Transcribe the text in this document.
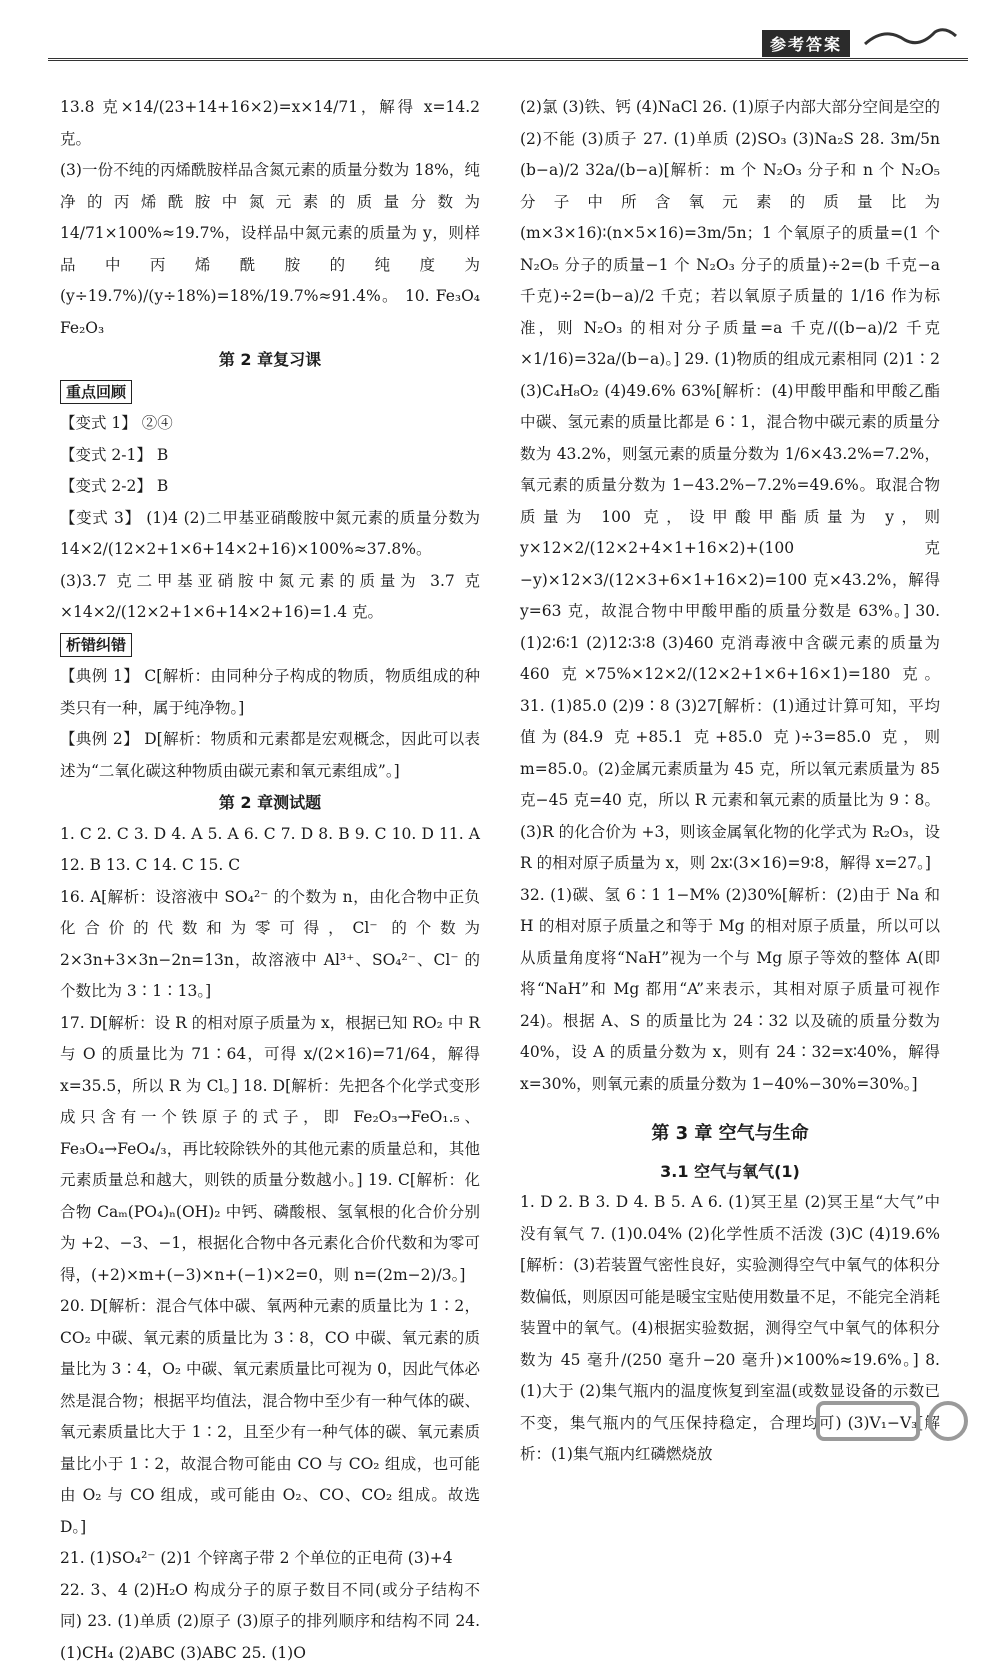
参考答案

13.8 克×14/(23+14+16×2)=x×14/71，解得 x=14.2 克。

(3)一份不纯的丙烯酰胺样品含氮元素的质量分数为 18%，纯净的丙烯酰胺中氮元素的质量分数为 14/71×100%≈19.7%，设样品中氮元素的质量为 y，则样品中丙烯酰胺的纯度为 (y÷19.7%)/(y÷18%)=18%/19.7%≈91.4%。 10. Fe₃O₄ Fe₂O₃

第 2 章复习课

重点回顾

【变式 1】 ②④

【变式 2-1】 B

【变式 2-2】 B

【变式 3】 (1)4 (2)二甲基亚硝酸胺中氮元素的质量分数为 14×2/(12×2+1×6+14×2+16)×100%≈37.8%。

(3)3.7 克二甲基亚硝胺中氮元素的质量为 3.7 克×14×2/(12×2+1×6+14×2+16)=1.4 克。

析错纠错

【典例 1】 C[解析：由同种分子构成的物质，物质组成的种类只有一种，属于纯净物。]

【典例 2】 D[解析：物质和元素都是宏观概念，因此可以表述为“二氧化碳这种物质由碳元素和氧元素组成”。]

第 2 章测试题

1. C 2. C 3. D 4. A 5. A 6. C 7. D 8. B 9. C 10. D 11. A 12. B 13. C 14. C 15. C

16. A[解析：设溶液中 SO₄²⁻ 的个数为 n，由化合物中正负化合价的代数和为零可得，Cl⁻ 的个数为 2×3n+3×3n−2n=13n，故溶液中 Al³⁺、SO₄²⁻、Cl⁻ 的个数比为 3∶1∶13。]

17. D[解析：设 R 的相对原子质量为 x，根据已知 RO₂ 中 R 与 O 的质量比为 71∶64，可得 x/(2×16)=71/64，解得 x=35.5，所以 R 为 Cl。] 18. D[解析：先把各个化学式变形成只含有一个铁原子的式子，即 Fe₂O₃→FeO₁.₅、Fe₃O₄→FeO₄/₃，再比较除铁外的其他元素的质量总和，其他元素质量总和越大，则铁的质量分数越小。] 19. C[解析：化合物 Caₘ(PO₄)ₙ(OH)₂ 中钙、磷酸根、氢氧根的化合价分别为 +2、−3、−1，根据化合物中各元素化合价代数和为零可得，(+2)×m+(−3)×n+(−1)×2=0，则 n=(2m−2)/3。]

20. D[解析：混合气体中碳、氧两种元素的质量比为 1∶2，CO₂ 中碳、氧元素的质量比为 3∶8，CO 中碳、氧元素的质量比为 3∶4，O₂ 中碳、氧元素质量比可视为 0，因此气体必然是混合物；根据平均值法，混合物中至少有一种气体的碳、氧元素质量比大于 1∶2，且至少有一种气体的碳、氧元素质量比小于 1∶2，故混合物可能由 CO 与 CO₂ 组成，也可能由 O₂ 与 CO 组成，或可能由 O₂、CO、CO₂ 组成。故选 D。]

21. (1)SO₄²⁻ (2)1 个锌离子带 2 个单位的正电荷 (3)+4

22. 3、4 (2)H₂O 构成分子的原子数目不同(或分子结构不同) 23. (1)单质 (2)原子 (3)原子的排列顺序和结构不同 24. (1)CH₄ (2)ABC (3)ABC 25. (1)O

(2)氯 (3)铁、钙 (4)NaCl 26. (1)原子内部大部分空间是空的 (2)不能 (3)质子 27. (1)单质 (2)SO₃ (3)Na₂S 28. 3m/5n (b−a)/2 32a/(b−a)[解析：m 个 N₂O₃ 分子和 n 个 N₂O₅ 分子中所含氧元素的质量比为(m×3×16)∶(n×5×16)=3m/5n；1 个氧原子的质量=(1 个 N₂O₅ 分子的质量−1 个 N₂O₃ 分子的质量)÷2=(b 千克−a 千克)÷2=(b−a)/2 千克；若以氧原子质量的 1/16 作为标准，则 N₂O₃ 的相对分子质量=a 千克/((b−a)/2 千克×1/16)=32a/(b−a)。] 29. (1)物质的组成元素相同 (2)1∶2 (3)C₄H₈O₂ (4)49.6% 63%[解析：(4)甲酸甲酯和甲酸乙酯中碳、氢元素的质量比都是 6∶1，混合物中碳元素的质量分数为 43.2%，则氢元素的质量分数为 1/6×43.2%=7.2%，氧元素的质量分数为 1−43.2%−7.2%=49.6%。取混合物质量为 100 克，设甲酸甲酯质量为 y，则 y×12×2/(12×2+4×1+16×2)+(100 克−y)×12×3/(12×3+6×1+16×2)=100 克×43.2%，解得 y=63 克，故混合物中甲酸甲酯的质量分数是 63%。] 30. (1)2∶6∶1 (2)12∶3∶8 (3)460 克消毒液中含碳元素的质量为 460 克×75%×12×2/(12×2+1×6+16×1)=180 克。 31. (1)85.0 (2)9∶8 (3)27[解析：(1)通过计算可知，平均值为(84.9 克+85.1 克+85.0 克)÷3=85.0 克，则 m=85.0。(2)金属元素质量为 45 克，所以氧元素质量为 85 克−45 克=40 克，所以 R 元素和氧元素的质量比为 9∶8。(3)R 的化合价为 +3，则该金属氧化物的化学式为 R₂O₃，设 R 的相对原子质量为 x，则 2x∶(3×16)=9∶8，解得 x=27。]

32. (1)碳、氢 6∶1 1−M% (2)30%[解析：(2)由于 Na 和 H 的相对原子质量之和等于 Mg 的相对原子质量，所以可以从质量角度将“NaH”视为一个与 Mg 原子等效的整体 A(即将“NaH”和 Mg 都用“A”来表示，其相对原子质量可视作 24)。根据 A、S 的质量比为 24∶32 以及硫的质量分数为 40%，设 A 的质量分数为 x，则有 24∶32=x∶40%，解得 x=30%，则氧元素的质量分数为 1−40%−30%=30%。]

第 3 章 空气与生命

3.1 空气与氧气(1)

1. D 2. B 3. D 4. B 5. A 6. (1)冥王星 (2)冥王星“大气”中没有氧气 7. (1)0.04% (2)化学性质不活泼 (3)C (4)19.6%[解析：(3)若装置气密性良好，实验测得空气中氧气的体积分数偏低，则原因可能是暖宝宝贴使用数量不足，不能完全消耗装置中的氧气。(4)根据实验数据，测得空气中氧气的体积分数为 45 毫升/(250 毫升−20 毫升)×100%≈19.6%。] 8. (1)大于 (2)集气瓶内的温度恢复到室温(或数显设备的示数已不变，集气瓶内的气压保持稳定，合理均可) (3)V₁−V₃[解析：(1)集气瓶内红磷燃烧放
